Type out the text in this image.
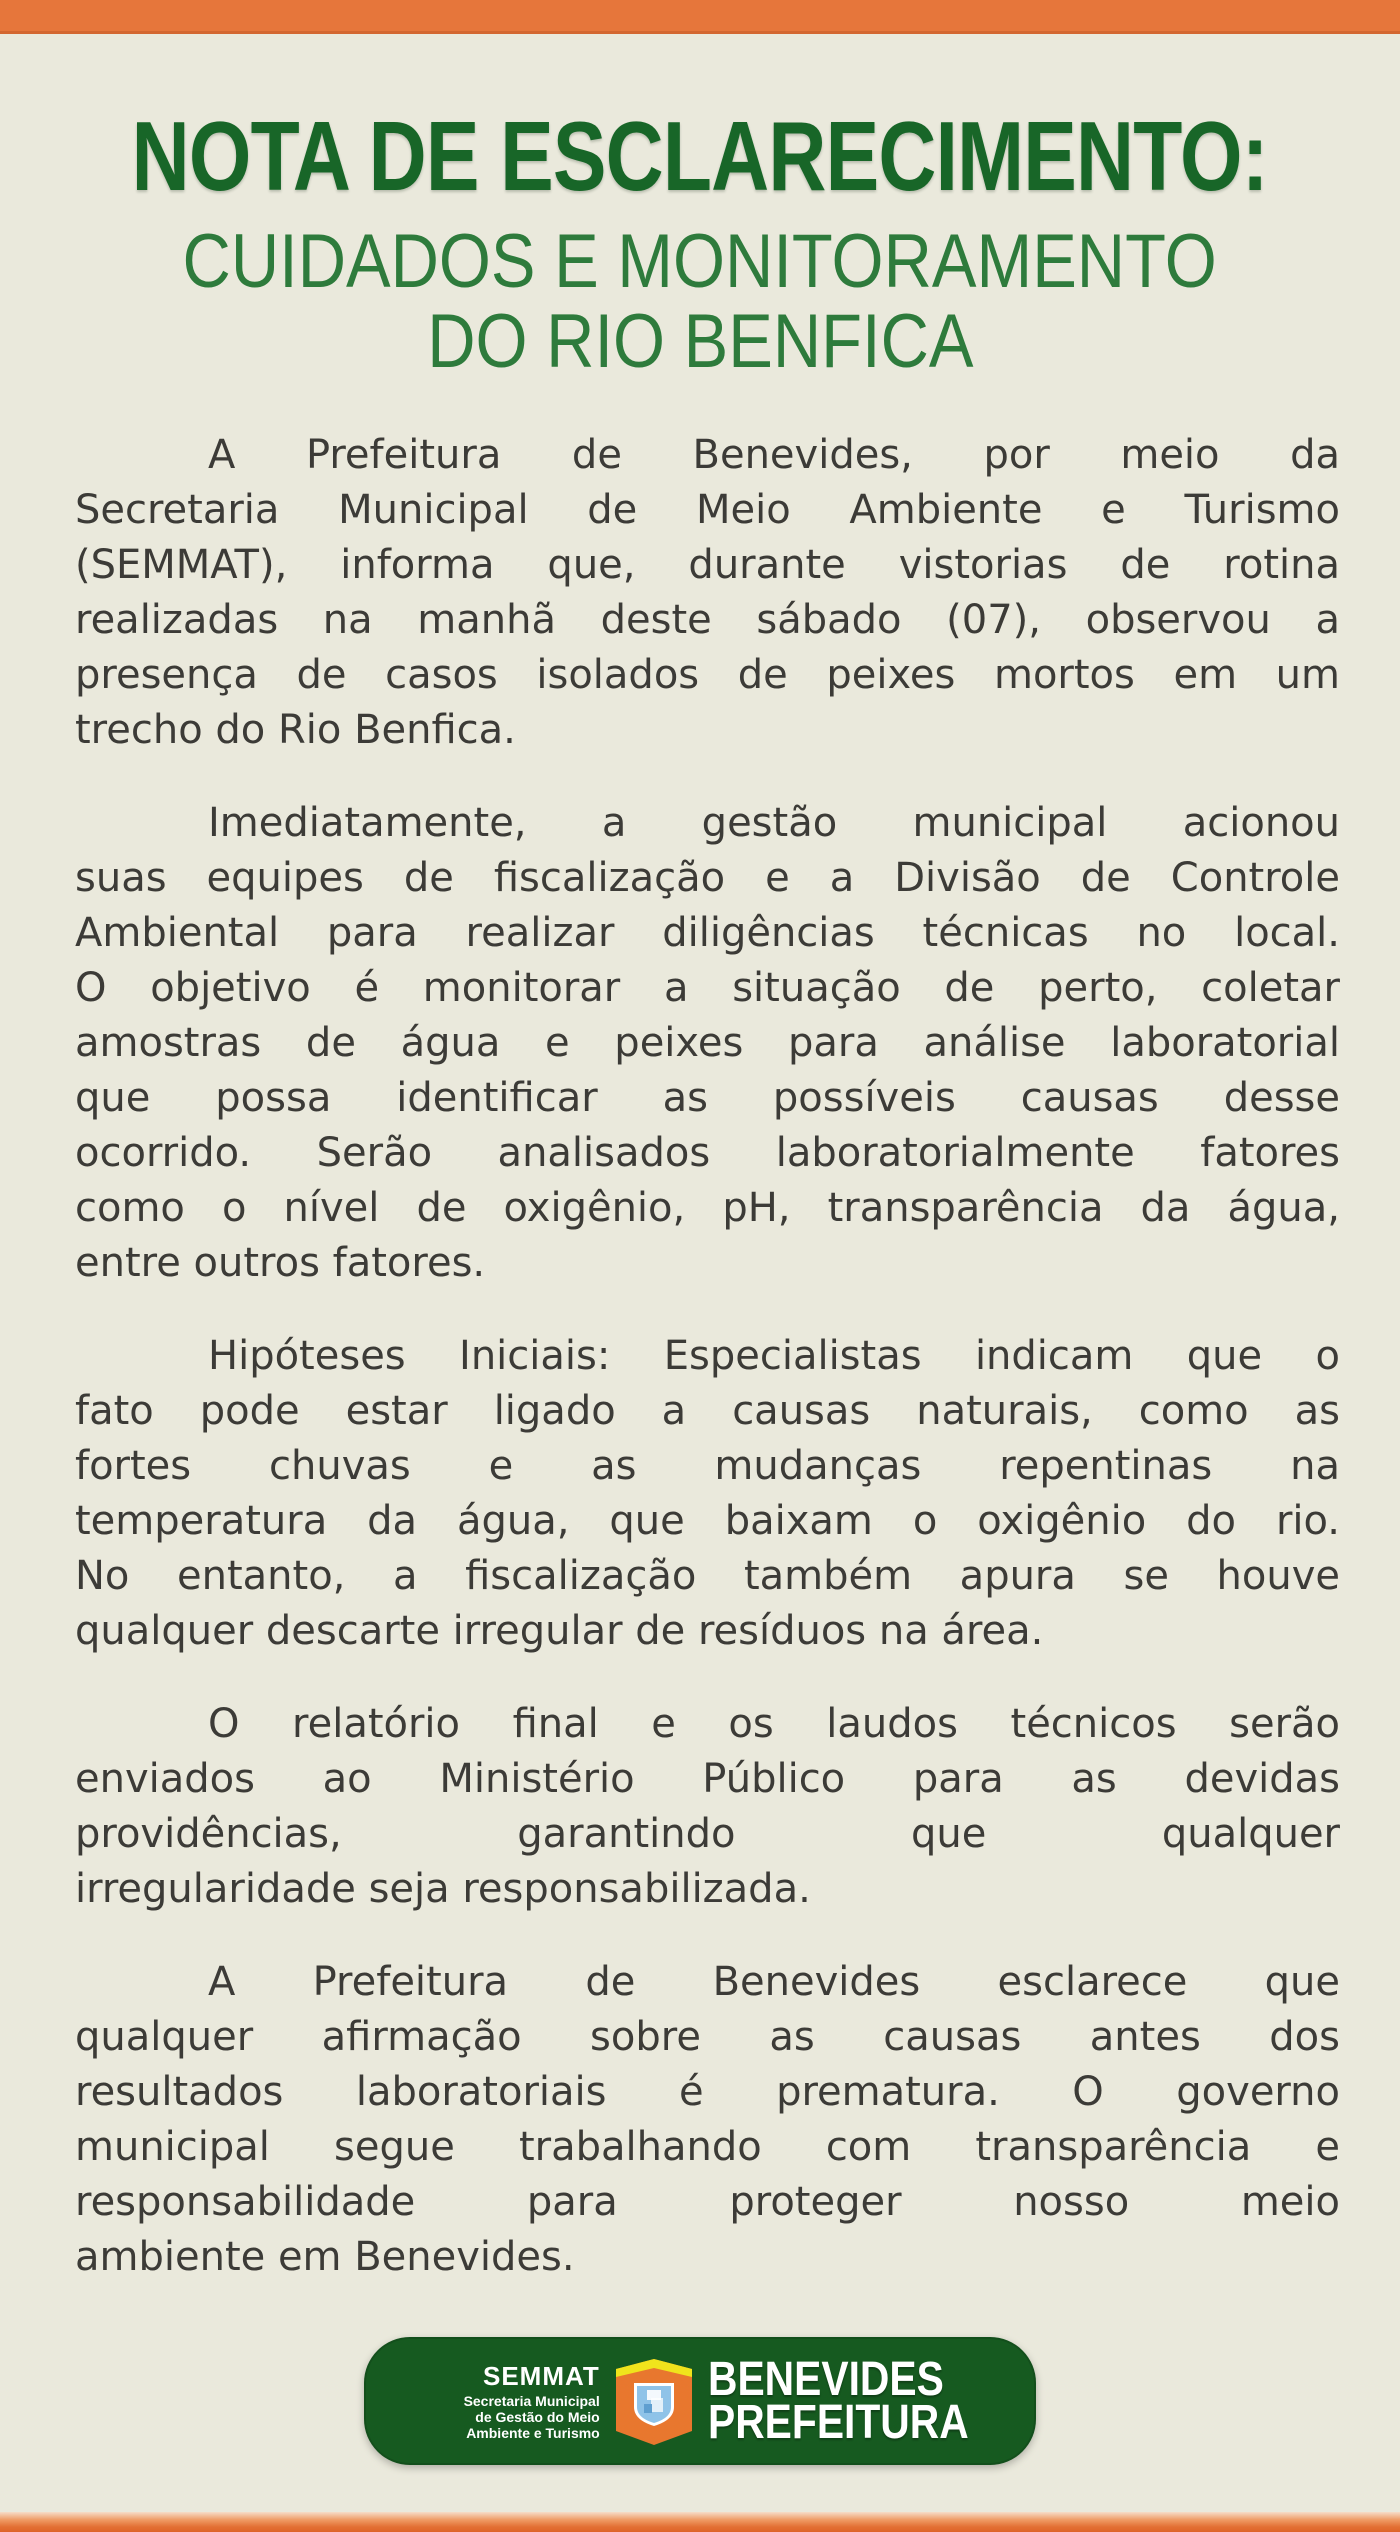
NOTA DE ESCLARECIMENTO:
CUIDADOS E MONITORAMENTO
DO RIO BENFICA
A Prefeitura de Benevides, por meio da
Secretaria Municipal de Meio Ambiente e Turismo
(SEMMAT), informa que, durante vistorias de rotina
realizadas na manhã deste sábado (07), observou a
presença de casos isolados de peixes mortos em um
trecho do Rio Benfica.
Imediatamente, a gestão municipal acionou
suas equipes de fiscalização e a Divisão de Controle
Ambiental para realizar diligências técnicas no local.
O objetivo é monitorar a situação de perto, coletar
amostras de água e peixes para análise laboratorial
que possa identificar as possíveis causas desse
ocorrido. Serão analisados laboratorialmente fatores
como o nível de oxigênio, pH, transparência da água,
entre outros fatores.
Hipóteses Iniciais: Especialistas indicam que o
fato pode estar ligado a causas naturais, como as
fortes chuvas e as mudanças repentinas na
temperatura da água, que baixam o oxigênio do rio.
No entanto, a fiscalização também apura se houve
qualquer descarte irregular de resíduos na área.
O relatório final e os laudos técnicos serão
enviados ao Ministério Público para as devidas
providências, garantindo que qualquer
irregularidade seja responsabilizada.
A Prefeitura de Benevides esclarece que
qualquer afirmação sobre as causas antes dos
resultados laboratoriais é prematura. O governo
municipal segue trabalhando com transparência e
responsabilidade para proteger nosso meio
ambiente em Benevides.
SEMMAT
Secretaria Municipal
de Gestão do Meio
Ambiente e Turismo
BENEVIDES
PREFEITURA
